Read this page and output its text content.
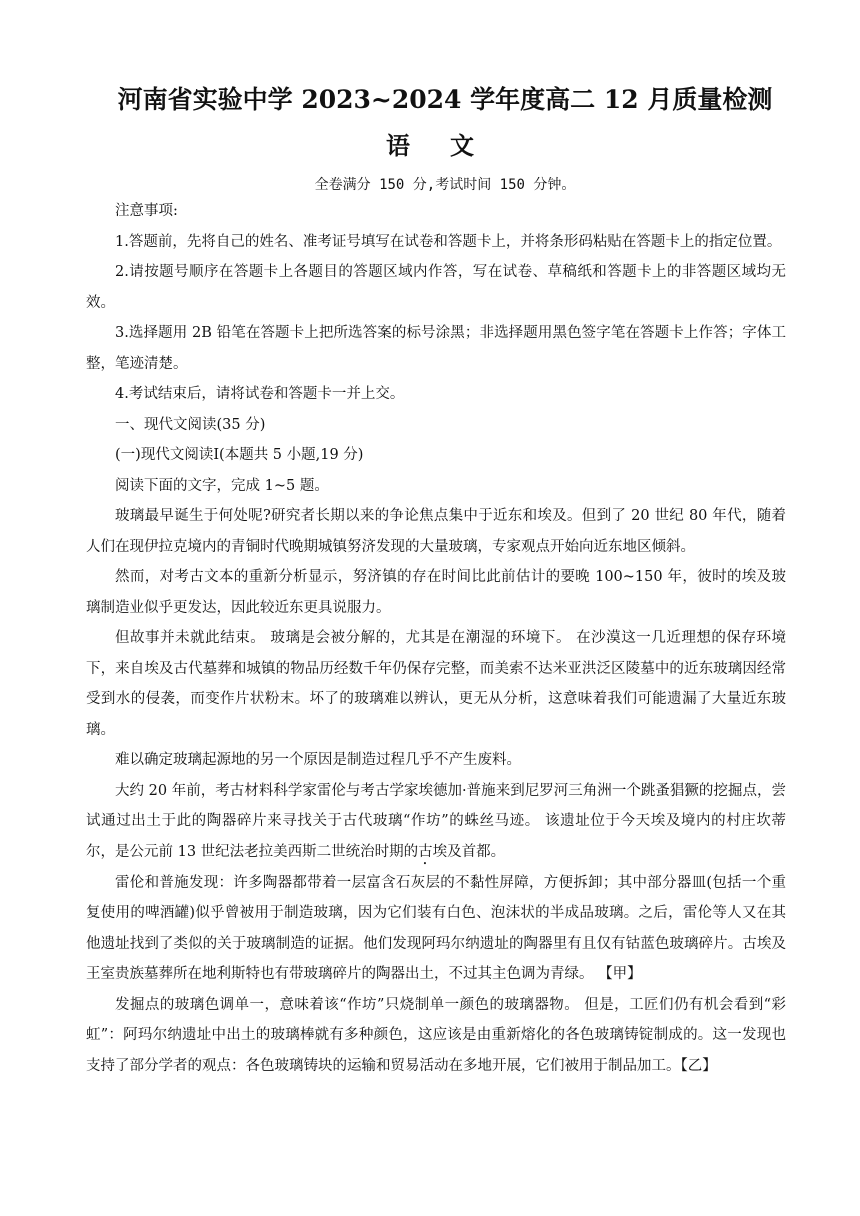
河南省实验中学 2023~2024 学年度高二 12 月质量检测
语文
全卷满分 150 分,考试时间 150 分钟。

注意事项:

1.答题前，先将自己的姓名、准考证号填写在试卷和答题卡上，并将条形码粘贴在答题卡上的指定位置。

2.请按题号顺序在答题卡上各题目的答题区域内作答，写在试卷、草稿纸和答题卡上的非答题区域均无效。

3.选择题用 2B 铅笔在答题卡上把所选答案的标号涂黑；非选择题用黑色签字笔在答题卡上作答；字体工整，笔迹清楚。

4.考试结束后，请将试卷和答题卡一并上交。

一、现代文阅读(35 分)

(一)现代文阅读Ⅰ(本题共 5 小题,19 分)

阅读下面的文字，完成 1~5 题。

玻璃最早诞生于何处呢?研究者长期以来的争论焦点集中于近东和埃及。但到了 20 世纪 80 年代，随着人们在现伊拉克境内的青铜时代晚期城镇努济发现的大量玻璃，专家观点开始向近东地区倾斜。

然而，对考古文本的重新分析显示，努济镇的存在时间比此前估计的要晚 100~150 年，彼时的埃及玻璃制造业似乎更发达，因此较近东更具说服力。

但故事并未就此结束。 玻璃是会被分解的，尤其是在潮湿的环境下。 在沙漠这一几近理想的保存环境下，来自埃及古代墓葬和城镇的物品历经数千年仍保存完整，而美索不达米亚洪泛区陵墓中的近东玻璃因经常受到水的侵袭，而变作片状粉末。坏了的玻璃难以辨认，更无从分析，这意味着我们可能遗漏了大量近东玻璃。

难以确定玻璃起源地的另一个原因是制造过程几乎不产生废料。

大约 20 年前，考古材料科学家雷伦与考古学家埃德加·普施来到尼罗河三角洲一个跳蚤猖獗的挖掘点，尝试通过出土于此的陶器碎片来寻找关于古代玻璃“作坊”的蛛丝马迹。 该遗址位于今天埃及境内的村庄坎蒂尔，是公元前 13 世纪法老拉美西斯二世统治时期的古埃及首都。

雷伦和普施发现：许多陶器都带着一层富含石灰层的不黏性屏障，方便拆卸；其中部分器皿(包括一个重复使用的啤酒罐)似乎曾被用于制造玻璃，因为它们装有白色、泡沫状的半成品玻璃。之后，雷伦等人又在其他遗址找到了类似的关于玻璃制造的证据。他们发现阿玛尔纳遗址的陶器里有且仅有钴蓝色玻璃碎片。古埃及王室贵族墓葬所在地利斯特也有带玻璃碎片的陶器出土，不过其主色调为青绿。 【甲】

发掘点的玻璃色调单一，意味着该“作坊”只烧制单一颜色的玻璃器物。 但是，工匠们仍有机会看到“彩虹”：阿玛尔纳遗址中出土的玻璃棒就有多种颜色，这应该是由重新熔化的各色玻璃铸锭制成的。这一发现也支持了部分学者的观点：各色玻璃铸块的运输和贸易活动在多地开展，它们被用于制品加工。【乙】
